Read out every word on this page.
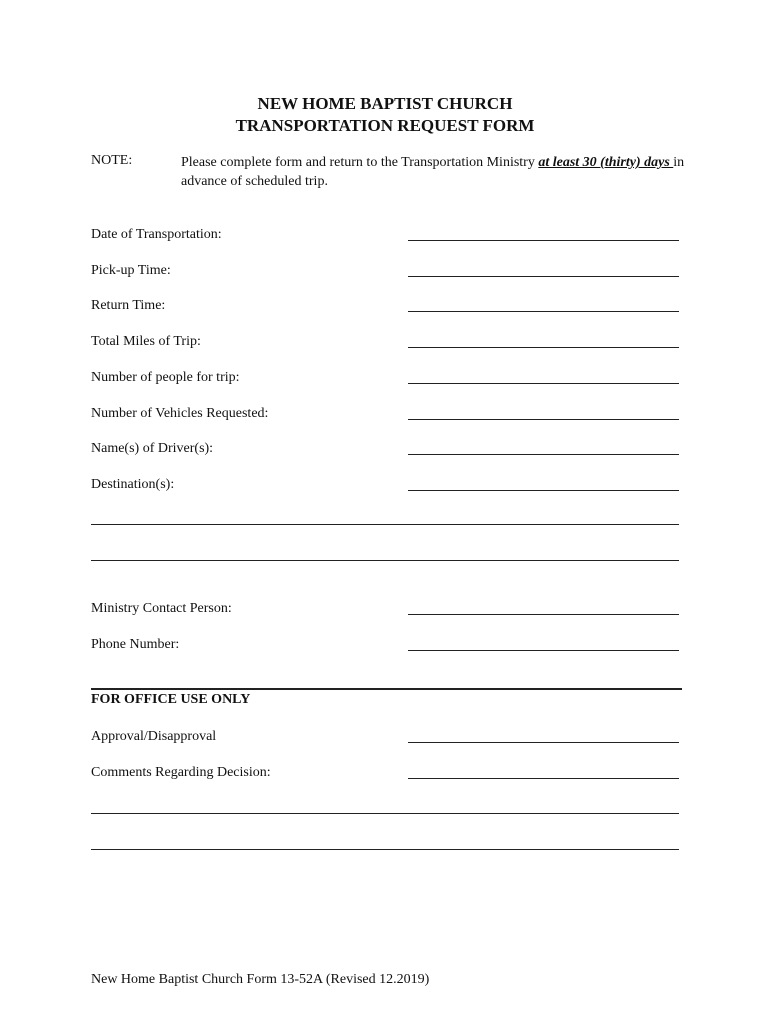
NEW HOME BAPTIST CHURCH
TRANSPORTATION REQUEST FORM
NOTE:	Please complete form and return to the Transportation Ministry at least 30 (thirty) days in advance of scheduled trip.
Date of Transportation:
Pick-up Time:
Return Time:
Total Miles of Trip:
Number of people for trip:
Number of Vehicles Requested:
Name(s) of Driver(s):
Destination(s):
Ministry Contact Person:
Phone Number:
FOR OFFICE USE ONLY
Approval/Disapproval
Comments Regarding Decision:
New Home Baptist Church Form 13-52A (Revised 12.2019)
